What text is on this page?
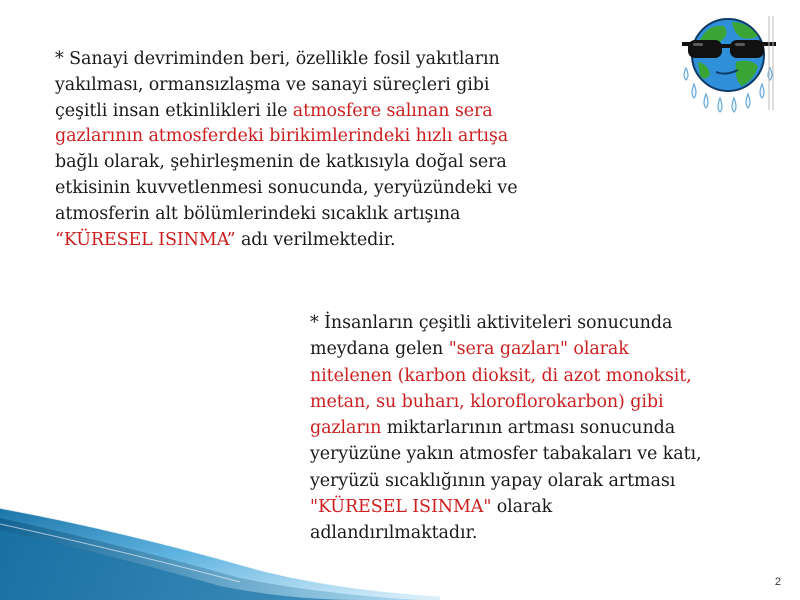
* Sanayi devriminden beri, özellikle fosil yakıtların yakılması, ormansızlaşma ve sanayi süreçleri gibi çeşitli insan etkinlikleri ile atmosfere salınan sera gazlarının atmosferdeki birikimlerindeki hızlı artışa bağlı olarak, şehirleşmenin de katkısıyla doğal sera etkisinin kuvvetlenmesi sonucunda, yeryüzündeki ve atmosferin alt bölümlerindeki sıcaklık artışına “KÜRESEL ISINMA” adı verilmektedir.

* İnsanların çeşitli aktiviteleri sonucunda meydana gelen "sera gazları" olarak nitelenen (karbon dioksit, di azot monoksit, metan, su buharı, kloroflorokarbon) gibi gazların miktarlarının artması sonucunda yeryüzüne yakın atmosfer tabakaları ve katı, yeryüzü sıcaklığının yapay olarak artması "KÜRESEL ISINMA" olarak adlandırılmaktadır.

2
